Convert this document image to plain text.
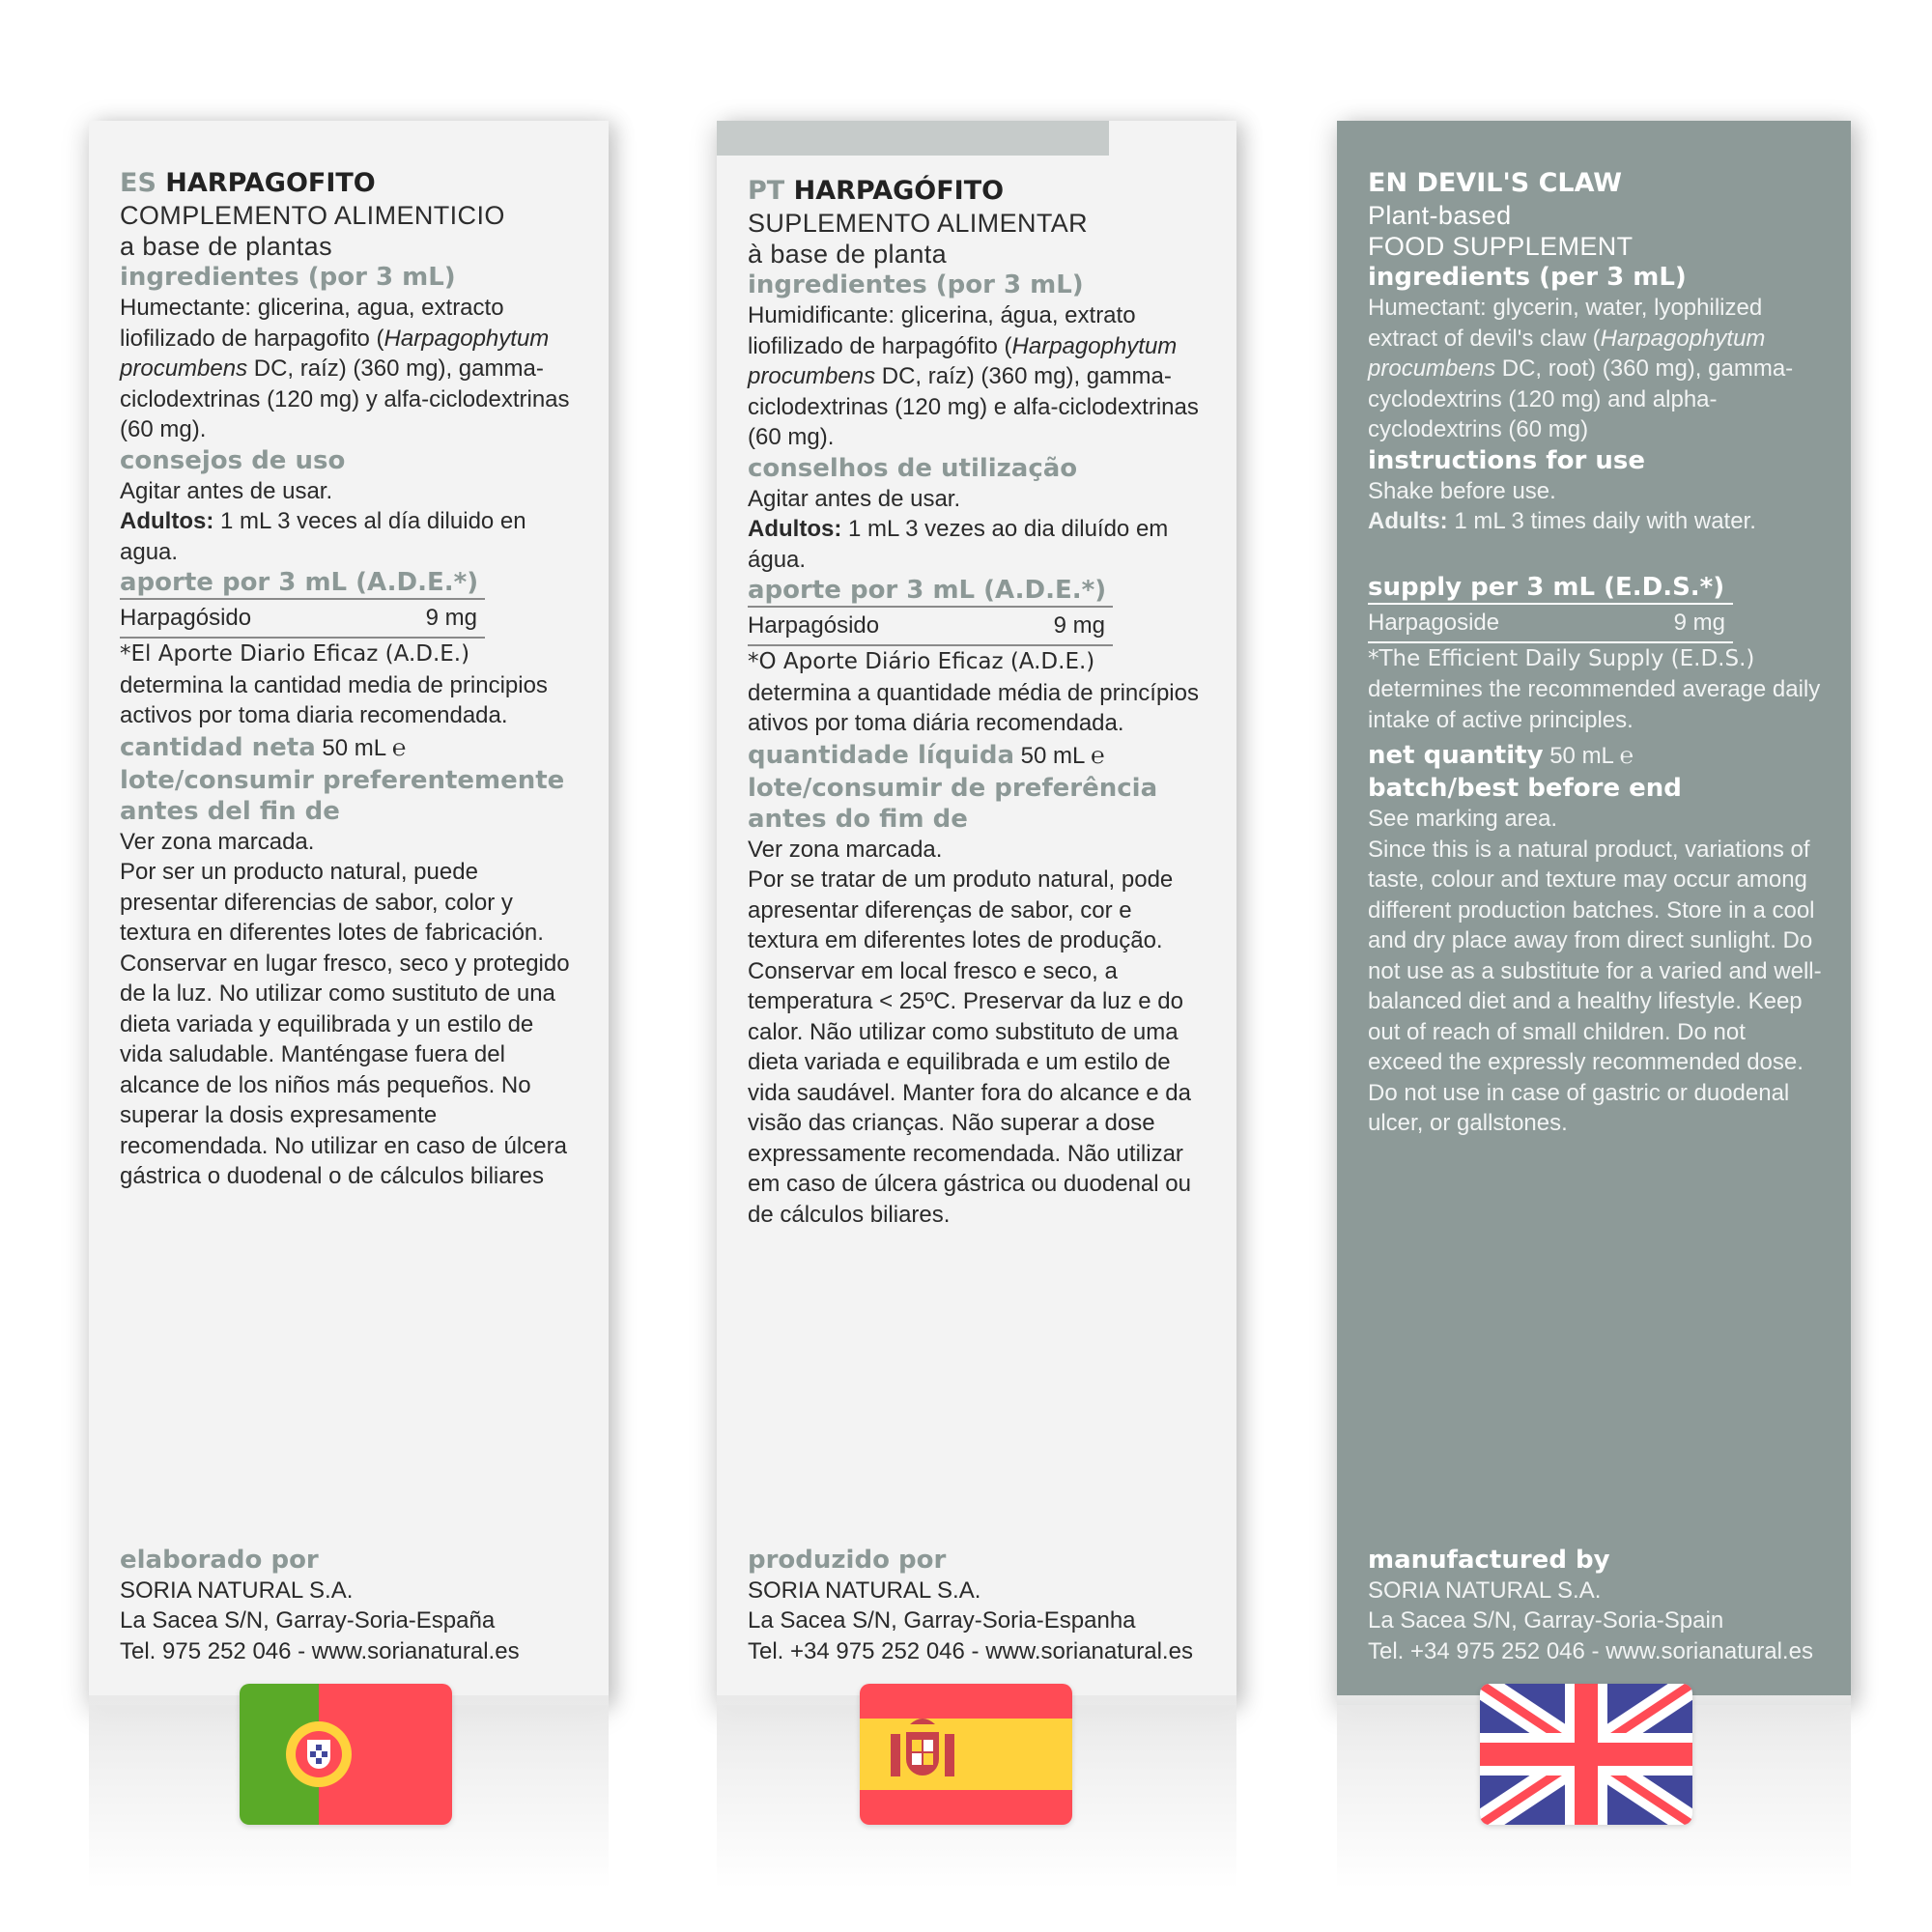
ES HARPAGOFITO
COMPLEMENTO ALIMENTICIO
a base de plantas
ingredientes (por 3 mL)
Humectante: glicerina, agua, extracto liofilizado de harpagofito (Harpagophytum procumbens DC, raíz) (360 mg), gamma-ciclodextrinas (120 mg) y alfa-ciclodextrinas (60 mg).
consejos de uso
Agitar antes de usar.
Adultos: 1 mL 3 veces al día diluido en agua.
aporte por 3 mL (A.D.E.*)
Harpagósido	9 mg
*El Aporte Diario Eficaz (A.D.E.)
determina la cantidad media de principios activos por toma diaria recomendada.
cantidad neta 50 mL ℮
lote/consumir preferentemente antes del fin de
Ver zona marcada.
Por ser un producto natural, puede presentar diferencias de sabor, color y textura en diferentes lotes de fabricación. Conservar en lugar fresco, seco y protegido de la luz. No utilizar como sustituto de una dieta variada y equilibrada y un estilo de vida saludable. Manténgase fuera del alcance de los niños más pequeños. No superar la dosis expresamente recomendada. No utilizar en caso de úlcera gástrica o duodenal o de cálculos biliares
elaborado por
SORIA NATURAL S.A.
La Sacea S/N, Garray-Soria-España
Tel. 975 252 046 - www.sorianatural.es
PT HARPAGÓFITO
SUPLEMENTO ALIMENTAR
à base de planta
ingredientes (por 3 mL)
Humidificante: glicerina, água, extrato liofilizado de harpagófito (Harpagophytum procumbens DC, raíz) (360 mg), gamma-ciclodextrinas (120 mg) e alfa-ciclodextrinas (60 mg).
conselhos de utilização
Agitar antes de usar.
Adultos: 1 mL 3 vezes ao dia diluído em água.
aporte por 3 mL (A.D.E.*)
Harpagósido	9 mg
*O Aporte Diário Eficaz (A.D.E.)
determina a quantidade média de princípios ativos por toma diária recomendada.
quantidade líquida 50 mL ℮
lote/consumir de preferência antes do fim de
Ver zona marcada.
Por se tratar de um produto natural, pode apresentar diferenças de sabor, cor e textura em diferentes lotes de produção. Conservar em local fresco e seco, a temperatura < 25ºC. Preservar da luz e do calor. Não utilizar como substituto de uma dieta variada e equilibrada e um estilo de vida saudável. Manter fora do alcance e da visão das crianças. Não superar a dose expressamente recomendada. Não utilizar em caso de úlcera gástrica ou duodenal ou de cálculos biliares.
produzido por
SORIA NATURAL S.A.
La Sacea S/N, Garray-Soria-Espanha
Tel. +34 975 252 046 - www.sorianatural.es
EN DEVIL'S CLAW
Plant-based
FOOD SUPPLEMENT
ingredients (per 3 mL)
Humectant: glycerin, water, lyophilized extract of devil's claw (Harpagophytum procumbens DC, root) (360 mg), gamma-cyclodextrins (120 mg) and alpha-cyclodextrins (60 mg)
instructions for use
Shake before use.
Adults: 1 mL 3 times daily with water.
supply per 3 mL (E.D.S.*)
Harpagoside	9 mg
*The Efficient Daily Supply (E.D.S.)
determines the recommended average daily intake of active principles.
net quantity 50 mL ℮
batch/best before end
See marking area.
Since this is a natural product, variations of taste, colour and texture may occur among different production batches. Store in a cool and dry place away from direct sunlight. Do not use as a substitute for a varied and well-balanced diet and a healthy lifestyle. Keep out of reach of small children. Do not exceed the expressly recommended dose. Do not use in case of gastric or duodenal ulcer, or gallstones.
manufactured by
SORIA NATURAL S.A.
La Sacea S/N, Garray-Soria-Spain
Tel. +34 975 252 046 - www.sorianatural.es
